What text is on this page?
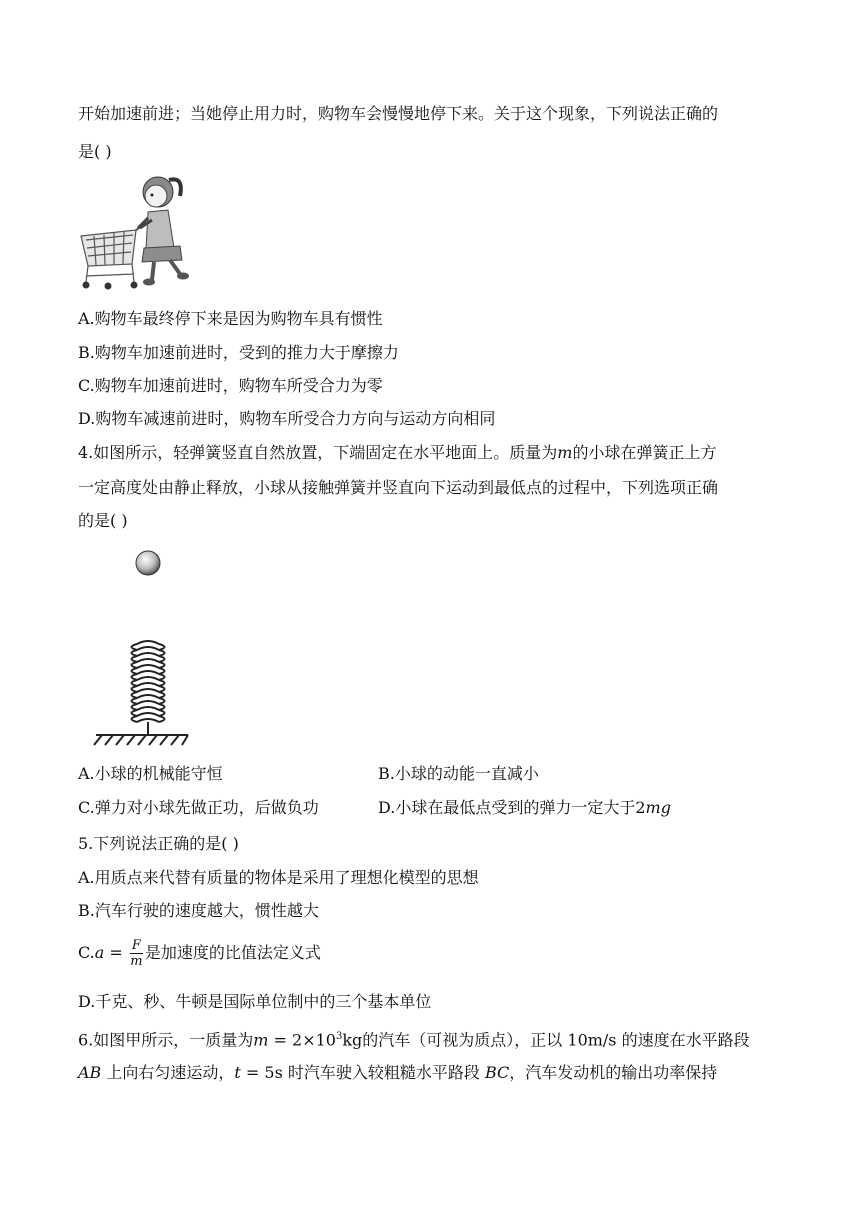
开始加速前进；当她停止用力时，购物车会慢慢地停下来。关于这个现象，下列说法正确的
是( )
A.购物车最终停下来是因为购物车具有惯性
B.购物车加速前进时，受到的推力大于摩擦力
C.购物车加速前进时，购物车所受合力为零
D.购物车减速前进时，购物车所受合力方向与运动方向相同
4.如图所示，轻弹簧竖直自然放置，下端固定在水平地面上。质量为m的小球在弹簧正上方
一定高度处由静止释放，小球从接触弹簧并竖直向下运动到最低点的过程中，下列选项正确
的是( )
A.小球的机械能守恒	B.小球的动能一直减小
C.弹力对小球先做正功，后做负功	D.小球在最低点受到的弹力一定大于2mg
5.下列说法正确的是( )
A.用质点来代替有质量的物体是采用了理想化模型的思想
B.汽车行驶的速度越大，惯性越大
$C.a = \frac{F}{m}$ 是加速度的比值法定义式
D.千克、秒、牛顿是国际单位制中的三个基本单位
6.如图甲所示，一质量为$m = 2\times 10^3kg$的汽车（可视为质点），正以 10m/s 的速度在水平路段
AB 上向右匀速运动，t = 5s 时汽车驶入较粗糙水平路段 BC，汽车发动机的输出功率保持
